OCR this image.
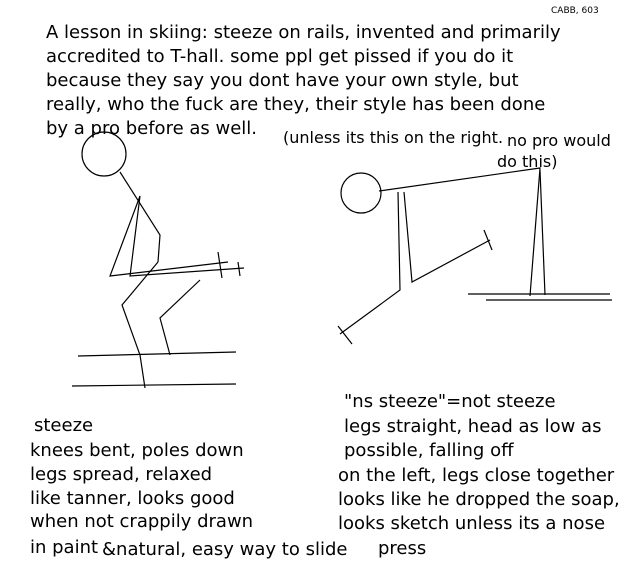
CABB, 603
A lesson in skiing: steeze on rails, invented and primarily
accredited to T-hall. some ppl get pissed if you do it
because they say you dont have your own style, but
really, who the fuck are they, their style has been done
by a pro before as well. (unless its this on the right. no pro would
do this)
steeze
knees bent, poles down
legs spread, relaxed
like tanner, looks good
when not crappily drawn
in paint &natural, easy way to slide
"ns steeze"=not steeze
legs straight, head as low as
possible, falling off
on the left, legs close together
looks like he dropped the soap,
looks sketch unless its a nose
press
